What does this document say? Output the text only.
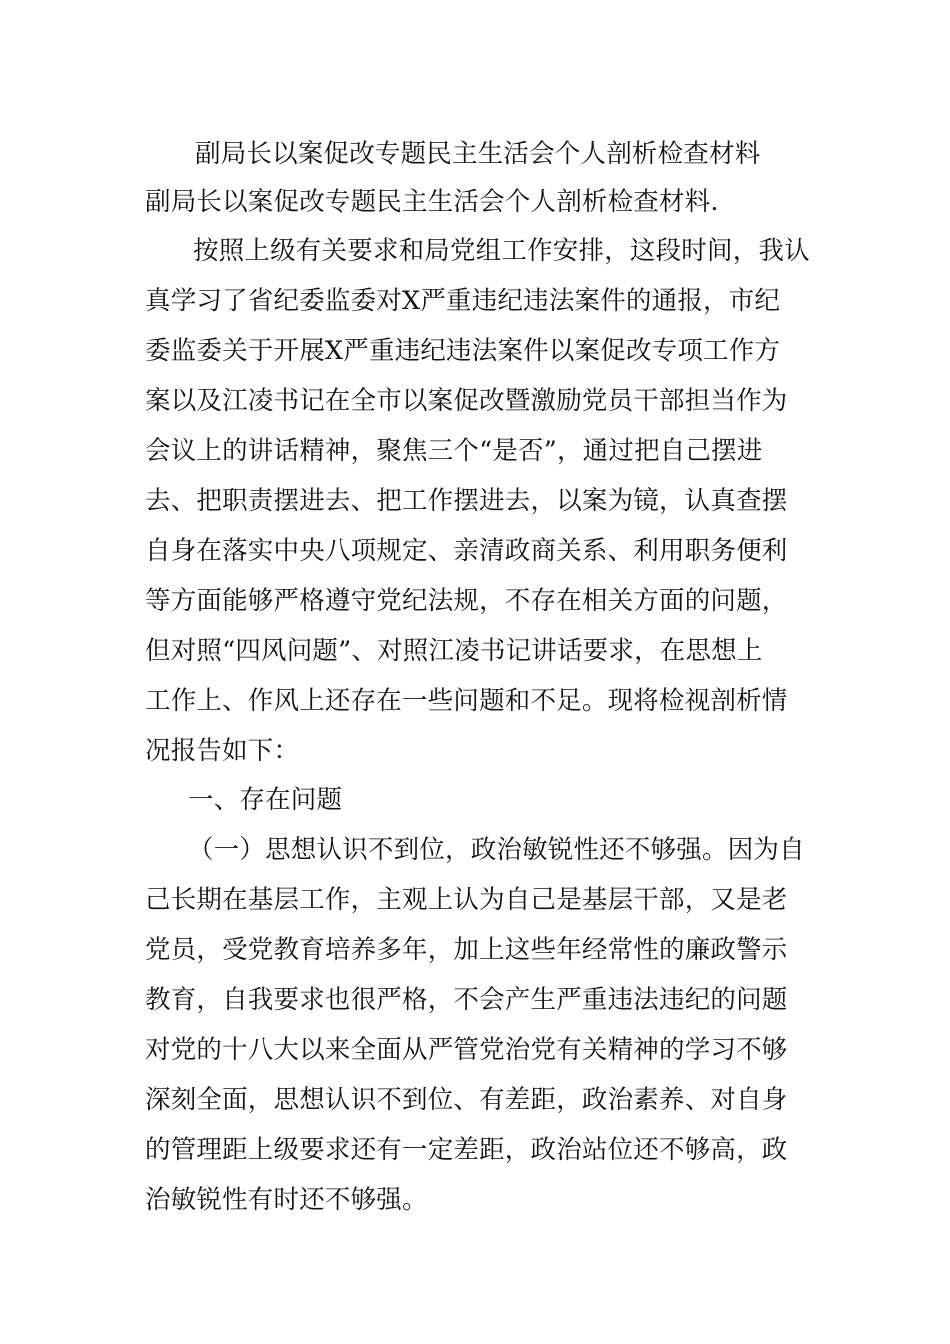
副局长以案促改专题民主生活会个人剖析检查材料
副局长以案促改专题民主生活会个人剖析检查材料.
按照上级有关要求和局党组工作安排，这段时间，我认
真学习了省纪委监委对X严重违纪违法案件的通报，市纪
委监委关于开展X严重违纪违法案件以案促改专项工作方
案以及江凌书记在全市以案促改暨激励党员干部担当作为
会议上的讲话精神，聚焦三个“是否”，通过把自己摆进
去、把职责摆进去、把工作摆进去，以案为镜，认真查摆
自身在落实中央八项规定、亲清政商关系、利用职务便利
等方面能够严格遵守党纪法规，不存在相关方面的问题，
但对照“四风问题”、对照江凌书记讲话要求，在思想上
工作上、作风上还存在一些问题和不足。现将检视剖析情
况报告如下：
一、存在问题
（一）思想认识不到位，政治敏锐性还不够强。因为自
己长期在基层工作，主观上认为自己是基层干部，又是老
党员，受党教育培养多年，加上这些年经常性的廉政警示
教育，自我要求也很严格，不会产生严重违法违纪的问题
对党的十八大以来全面从严管党治党有关精神的学习不够
深刻全面，思想认识不到位、有差距，政治素养、对自身
的管理距上级要求还有一定差距，政治站位还不够高，政
治敏锐性有时还不够强。
